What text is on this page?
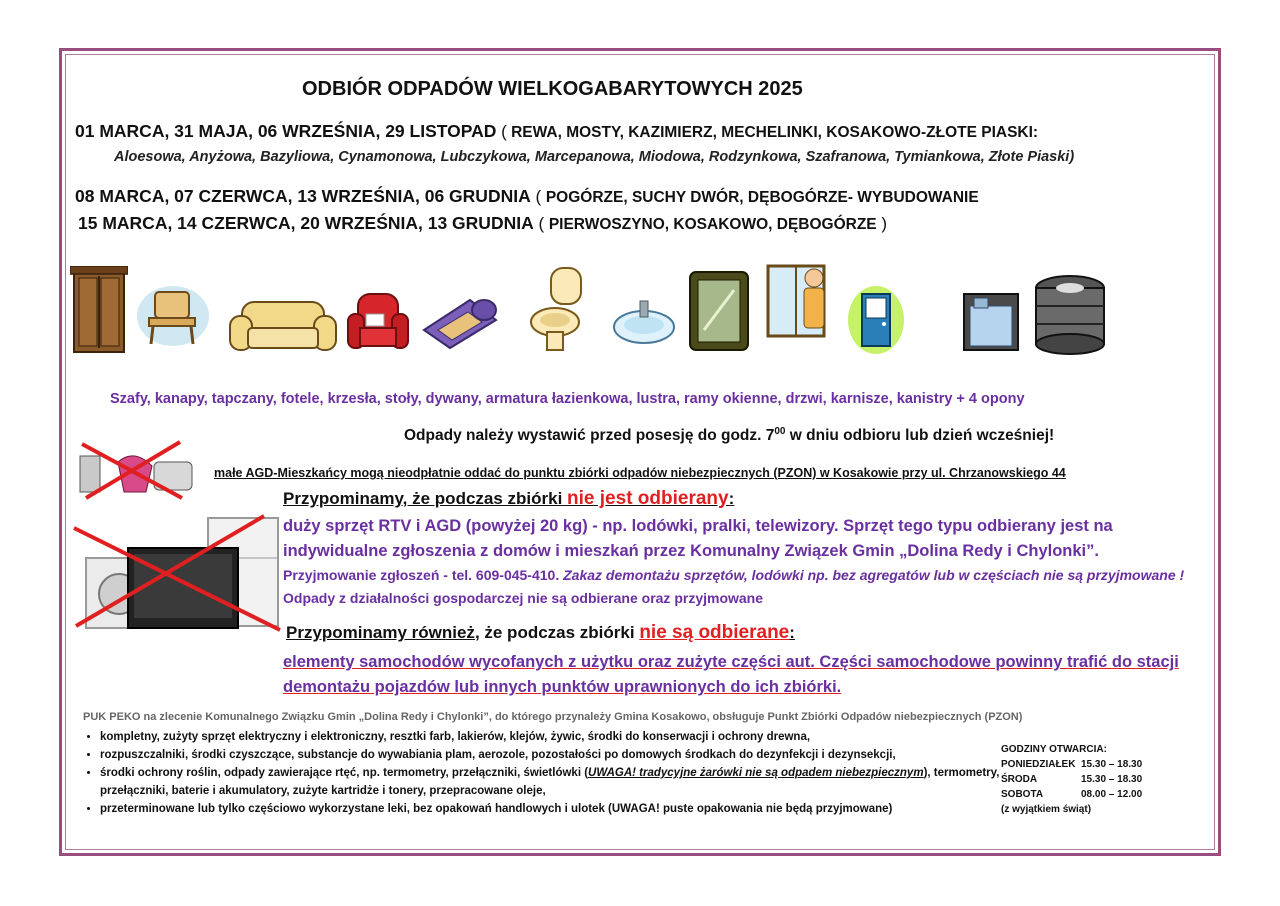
ODBIÓR ODPADÓW WIELKOGABARYTOWYCH 2025
01 MARCA, 31 MAJA, 06 WRZEŚNIA, 29 LISTOPAD ( REWA, MOSTY, KAZIMIERZ, MECHELINKI, KOSAKOWO-ZŁOTE PIASKI:
Aloesowa, Anyżowa, Bazyliowa, Cynamonowa, Lubczykowa, Marcepanowa, Miodowa, Rodzynkowa, Szafranowa, Tymiankowa, Złote Piaski)
08 MARCA, 07 CZERWCA, 13 WRZEŚNIA, 06 GRUDNIA ( POGÓRZE, SUCHY DWÓR, DĘBOGÓRZE- WYBUDOWANIE
15 MARCA, 14 CZERWCA, 20 WRZEŚNIA, 13 GRUDNIA ( PIERWOSZYNO, KOSAKOWO, DĘBOGÓRZE )
Szafy, kanapy, tapczany, fotele, krzesła, stoły, dywany, armatura łazienkowa, lustra, ramy okienne, drzwi, karnisze, kanistry + 4 opony
Odpady należy wystawić przed posesję do godz. $7^{00}$ w dniu odbioru lub dzień wcześniej!
małe AGD-Mieszkańcy mogą nieodpłatnie oddać do punktu zbiórki odpadów niebezpiecznych (PZON) w Kosakowie przy ul. Chrzanowskiego 44
Przypominamy, że podczas zbiórki nie jest odbierany:
duży sprzęt RTV i AGD (powyżej 20 kg) - np. lodówki, pralki, telewizory. Sprzęt tego typu odbierany jest na indywidualne zgłoszenia z domów i mieszkań przez Komunalny Związek Gmin „Dolina Redy i Chylonki”.
Przyjmowanie zgłoszeń - tel. 609-045-410. Zakaz demontażu sprzętów, lodówki np. bez agregatów lub w częściach nie są przyjmowane ! Odpady z działalności gospodarczej nie są odbierane oraz przyjmowane
Przypominamy również, że podczas zbiórki nie są odbierane:
elementy samochodów wycofanych z użytku oraz zużyte części aut. Części samochodowe powinny trafić do stacji demontażu pojazdów lub innych punktów uprawnionych do ich zbiórki.
PUK PEKO na zlecenie Komunalnego Związku Gmin „Dolina Redy i Chylonki”, do którego przynależy Gmina Kosakowo, obsługuje Punkt Zbiórki Odpadów niebezpiecznych (PZON)
• kompletny, zużyty sprzęt elektryczny i elektroniczny, resztki farb, lakierów, klejów, żywic, środki do konserwacji i ochrony drewna,
• rozpuszczalniki, środki czyszczące, substancje do wywabiania plam, aerozole, pozostałości po domowych środkach do dezynfekcji i dezynsekcji,
• środki ochrony roślin, odpady zawierające rtęć, np. termometry, przełączniki, świetlówki (UWAGA! tradycyjne żarówki nie są odpadem niebezpiecznym), termometry, przełączniki, baterie i akumulatory, zużyte kartridże i tonery, przepracowane oleje,
• przeterminowane lub tylko częściowo wykorzystane leki, bez opakowań handlowych i ulotek (UWAGA! puste opakowania nie będą przyjmowane)
GODZINY OTWARCIA:
PONIEDZIAŁEK 15.30 – 18.30
ŚRODA	15.30 – 18.30
SOBOTA	08.00 – 12.00
(z wyjątkiem świąt)
